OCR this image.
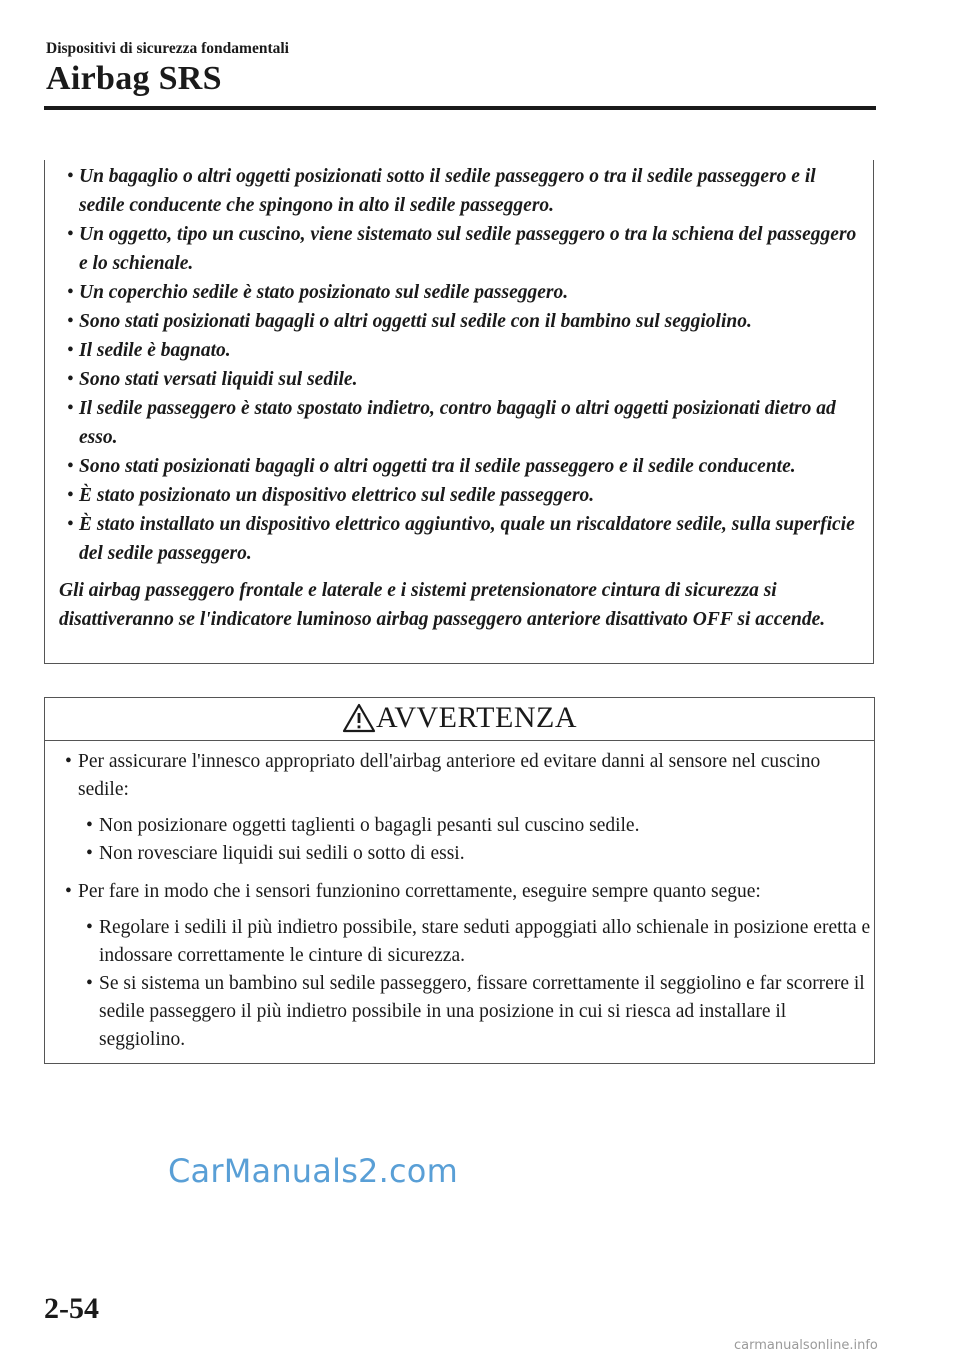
Dispositivi di sicurezza fondamentali
Airbag SRS
• Un bagaglio o altri oggetti posizionati sotto il sedile passeggero o tra il sedile passeggero e il sedile conducente che spingono in alto il sedile passeggero.
• Un oggetto, tipo un cuscino, viene sistemato sul sedile passeggero o tra la schiena del passeggero e lo schienale.
• Un coperchio sedile è stato posizionato sul sedile passeggero.
• Sono stati posizionati bagagli o altri oggetti sul sedile con il bambino sul seggiolino.
• Il sedile è bagnato.
• Sono stati versati liquidi sul sedile.
• Il sedile passeggero è stato spostato indietro, contro bagagli o altri oggetti posizionati dietro ad esso.
• Sono stati posizionati bagagli o altri oggetti tra il sedile passeggero e il sedile conducente.
• È stato posizionato un dispositivo elettrico sul sedile passeggero.
• È stato installato un dispositivo elettrico aggiuntivo, quale un riscaldatore sedile, sulla superficie del sedile passeggero.

Gli airbag passeggero frontale e laterale e i sistemi pretensionatore cintura di sicurezza si disattiveranno se l'indicatore luminoso airbag passeggero anteriore disattivato OFF si accende.

AVVERTENZA
• Per assicurare l'innesco appropriato dell'airbag anteriore ed evitare danni al sensore nel cuscino sedile:
• Non posizionare oggetti taglienti o bagagli pesanti sul cuscino sedile.
• Non rovesciare liquidi sui sedili o sotto di essi.
• Per fare in modo che i sensori funzionino correttamente, eseguire sempre quanto segue:
• Regolare i sedili il più indietro possibile, stare seduti appoggiati allo schienale in posizione eretta e indossare correttamente le cinture di sicurezza.
• Se si sistema un bambino sul sedile passeggero, fissare correttamente il seggiolino e far scorrere il sedile passeggero il più indietro possibile in una posizione in cui si riesca ad installare il seggiolino.
CarManuals2.com
2-54
carmanualsonline.info
